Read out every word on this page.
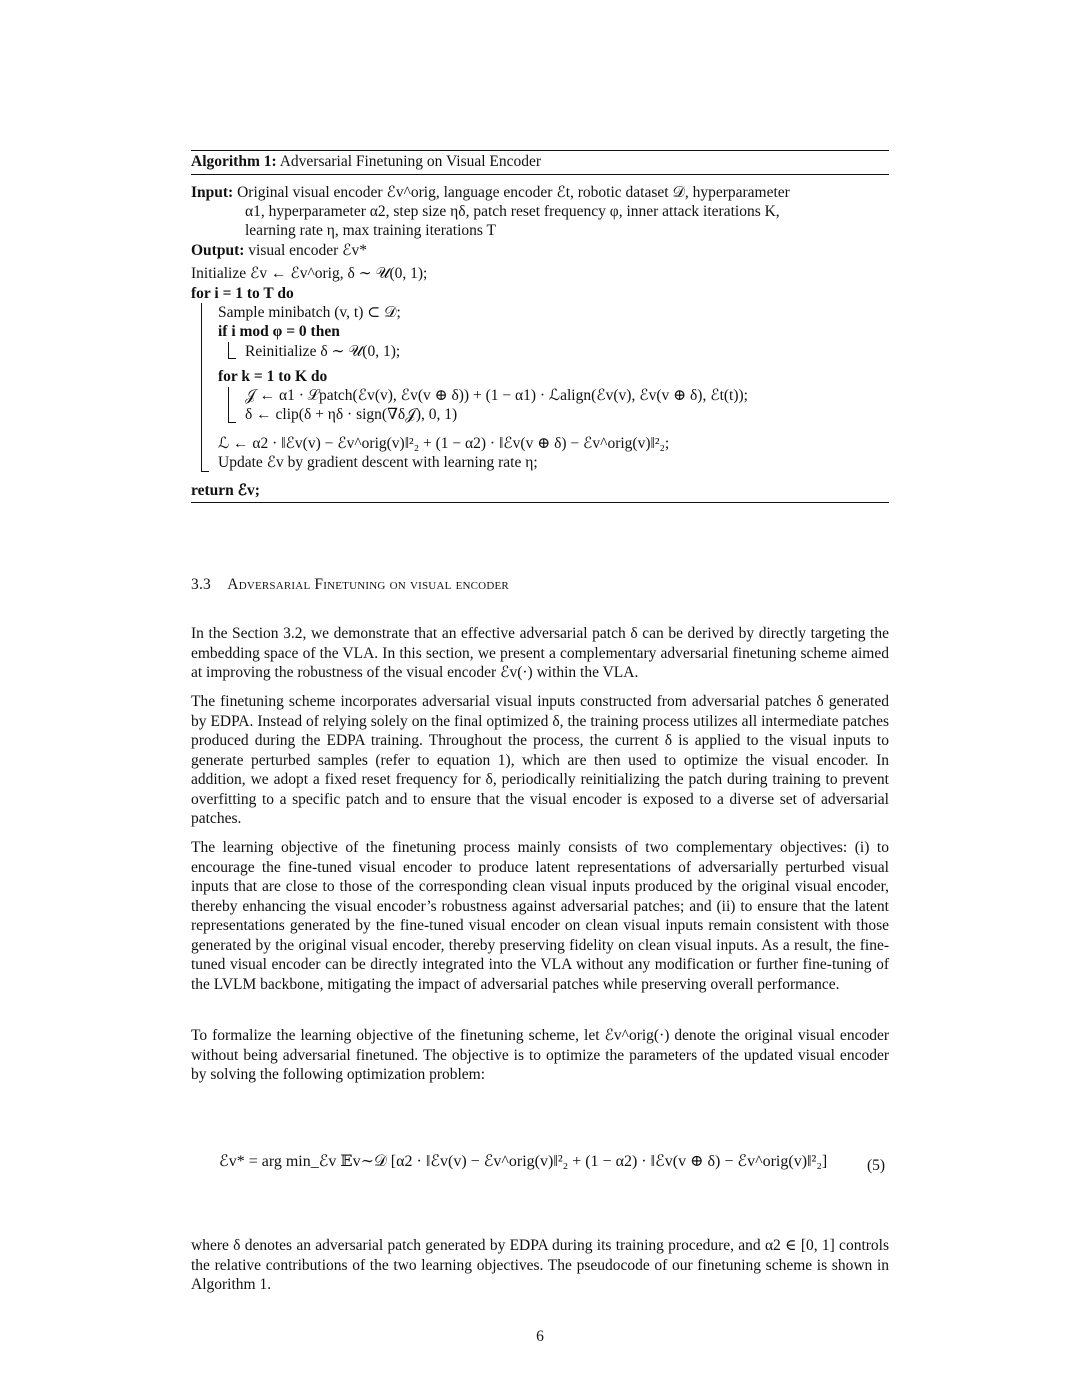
Algorithm 1: Adversarial Finetuning on Visual Encoder
Input: Original visual encoder ℰv^orig, language encoder ℰt, robotic dataset 𝒟, hyperparameter
α1, hyperparameter α2, step size ηδ, patch reset frequency φ, inner attack iterations K,
learning rate η, max training iterations T
Output: visual encoder ℰv*
Initialize ℰv ← ℰv^orig, δ ∼ 𝒰(0, 1);
for i = 1 to T do
Sample minibatch (v, t) ⊂ 𝒟;
if i mod φ = 0 then
Reinitialize δ ∼ 𝒰(0, 1);
for k = 1 to K do
𝒥 ← α1 · ℒpatch(ℰv(v), ℰv(v ⊕ δ)) + (1 − α1) · ℒalign(ℰv(v), ℰv(v ⊕ δ), ℰt(t));
δ ← clip(δ + ηδ · sign(∇δ𝒥), 0, 1)
ℒ ← α2 · ‖ℰv(v) − ℰv^orig(v)‖²₂ + (1 − α2) · ‖ℰv(v ⊕ δ) − ℰv^orig(v)‖²₂;
Update ℰv by gradient descent with learning rate η;
return ℰv;
3.3 Adversarial Finetuning on visual encoder

In the Section 3.2, we demonstrate that an effective adversarial patch δ can be derived by directly targeting the embedding space of the VLA. In this section, we present a complementary adversarial finetuning scheme aimed at improving the robustness of the visual encoder ℰv(·) within the VLA.

The finetuning scheme incorporates adversarial visual inputs constructed from adversarial patches δ generated by EDPA. Instead of relying solely on the final optimized δ, the training process utilizes all intermediate patches produced during the EDPA training. Throughout the process, the current δ is applied to the visual inputs to generate perturbed samples (refer to equation 1), which are then used to optimize the visual encoder. In addition, we adopt a fixed reset frequency for δ, periodically reinitializing the patch during training to prevent overfitting to a specific patch and to ensure that the visual encoder is exposed to a diverse set of adversarial patches.

The learning objective of the finetuning process mainly consists of two complementary objectives: (i) to encourage the fine-tuned visual encoder to produce latent representations of adversarially perturbed visual inputs that are close to those of the corresponding clean visual inputs produced by the original visual encoder, thereby enhancing the visual encoder’s robustness against adversarial patches; and (ii) to ensure that the latent representations generated by the fine-tuned visual encoder on clean visual inputs remain consistent with those generated by the original visual encoder, thereby preserving fidelity on clean visual inputs. As a result, the fine-tuned visual encoder can be directly integrated into the VLA without any modification or further fine-tuning of the LVLM backbone, mitigating the impact of adversarial patches while preserving overall performance.

To formalize the learning objective of the finetuning scheme, let ℰv^orig(·) denote the original visual encoder without being adversarial finetuned. The objective is to optimize the parameters of the updated visual encoder by solving the following optimization problem:

ℰv* = arg min_ℰv 𝔼v∼𝒟 [α2 · ‖ℰv(v) − ℰv^orig(v)‖²₂ + (1 − α2) · ‖ℰv(v ⊕ δ) − ℰv^orig(v)‖²₂]	(5)

where δ denotes an adversarial patch generated by EDPA during its training procedure, and α2 ∈ [0, 1] controls the relative contributions of the two learning objectives. The pseudocode of our finetuning scheme is shown in Algorithm 1.

6
